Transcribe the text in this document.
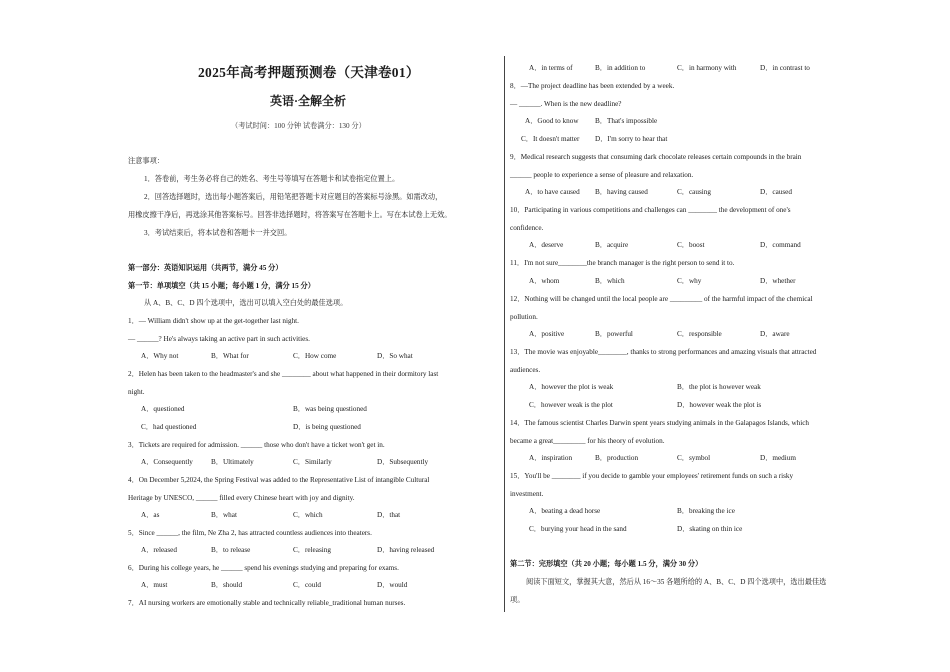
2025年高考押题预测卷（天津卷01）
英语·全解全析
（考试时间：100 分钟 试卷满分：130 分）
注意事项：
1．答卷前，考生务必将自己的姓名、考生号等填写在答题卡和试卷指定位置上。
2．回答选择题时，选出每小题答案后，用铅笔把答题卡对应题目的答案标号涂黑。如需改动，
用橡皮擦干净后，再选涂其他答案标号。回答非选择题时，将答案写在答题卡上。写在本试卷上无效。
3．考试结束后，将本试卷和答题卡一并交回。
第一部分：英语知识运用（共两节，满分 45 分）
第一节：单项填空（共 15 小题；每小题 1 分，满分 15 分）
从 A、B、C、D 四个选项中，选出可以填入空白处的最佳选项。
1．— William didn't show up at the get-together last night.
— ______? He's always taking an active part in such activities.
A．Why not	B．What for	C．How come	D．So what
2．Helen has been taken to the headmaster's and she ________ about what happened in their dormitory last
night.
A．questioned	B．was being questioned
C．had questioned	D．is being questioned
3．Tickets are required for admission. ______ those who don't have a ticket won't get in.
A．Consequently	B．Ultimately	C．Similarly	D．Subsequently
4．On December 5,2024, the Spring Festival was added to the Representative List of intangible Cultural
Heritage by UNESCO, ______ filled every Chinese heart with joy and dignity.
A．as	B．what	C．which	D．that
5．Since ______, the film, Ne Zha 2, has attracted countless audiences into theaters.
A．released	B．to release	C．releasing	D．having released
6．During his college years, he ______ spend his evenings studying and preparing for exams.
A．must	B．should	C．could	D．would
7．AI nursing workers are emotionally stable and technically reliable ̲ traditional human nurses.
A．in terms of	B．in addition to	C．in harmony with	D．in contrast to
8．—The project deadline has been extended by a week.
— ______. When is the new deadline?
A．Good to know B．That's impossible
C．It doesn't matter D．I'm sorry to hear that
9．Medical research suggests that consuming dark chocolate releases certain compounds in the brain
______ people to experience a sense of pleasure and relaxation.
A．to have caused B．having caused	C．causing	D．caused
10．Participating in various competitions and challenges can ________ the development of one's
confidence.
A．deserve	B．acquire	C．boost	D．command
11．I'm not sure________the branch manager is the right person to send it to.
A．whom	B．which	C．why	D．whether
12．Nothing will be changed until the local people are _________ of the harmful impact of the chemical
pollution.
A．positive	B．powerful	C．responsible	D．aware
13．The movie was enjoyable________, thanks to strong performances and amazing visuals that attracted
audiences.
A．however the plot is weak	B．the plot is however weak
C．however weak is the plot	D．however weak the plot is
14．The famous scientist Charles Darwin spent years studying animals in the Galapagos Islands, which
became a great_________ for his theory of evolution.
A．inspiration	B．production	C．symbol	D．medium
15．You'll be ________ if you decide to gamble your employees' retirement funds on such a risky
investment.
A．beating a dead horse	B．breaking the ice
C．burying your head in the sand	D．skating on thin ice
第二节：完形填空（共 20 小题；每小题 1.5 分，满分 30 分）
阅读下面短文，掌握其大意，然后从 16～35 各题所给的 A、B、C、D 四个选项中，选出最佳选
项。
